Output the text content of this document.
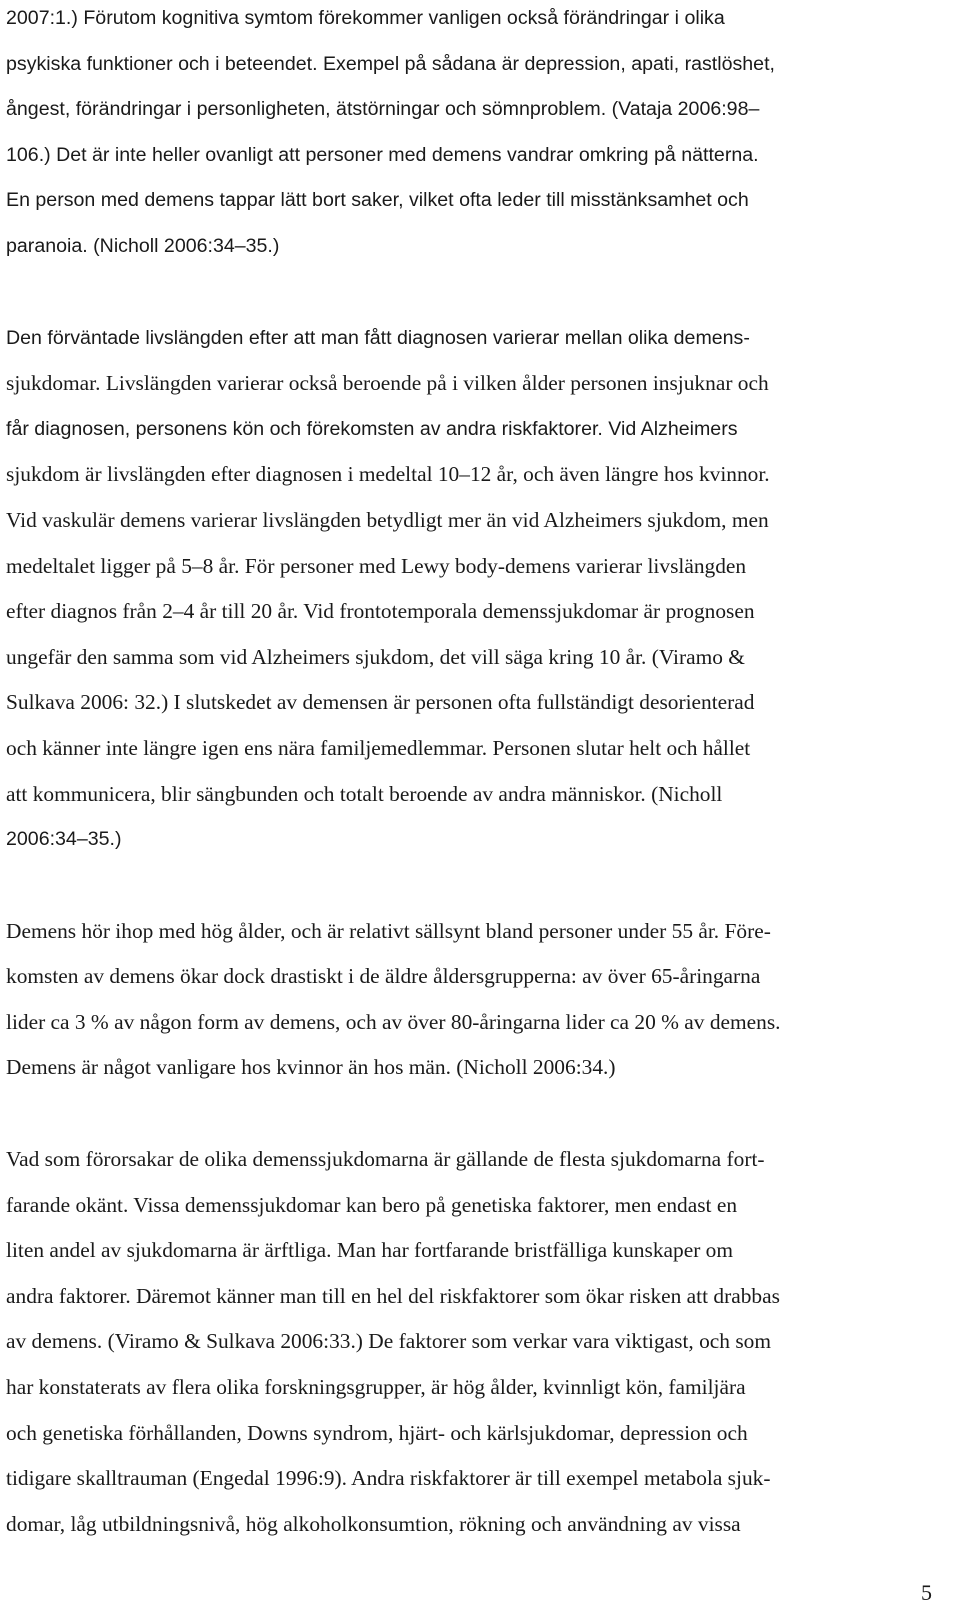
2007:1.) Förutom kognitiva symtom förekommer vanligen också förändringar i olika
psykiska funktioner och i beteendet. Exempel på sådana är depression, apati, rastlöshet,
ångest, förändringar i personligheten, ätstörningar och sömnproblem. (Vataja 2006:98–
106.) Det är inte heller ovanligt att personer med demens vandrar omkring på nätterna.
En person med demens tappar lätt bort saker, vilket ofta leder till misstänksamhet och
paranoia. (Nicholl 2006:34–35.)
Den förväntade livslängden efter att man fått diagnosen varierar mellan olika demens-
sjukdomar. Livslängden varierar också beroende på i vilken ålder personen insjuknar och
får diagnosen, personens kön och förekomsten av andra riskfaktorer. Vid Alzheimers
sjukdom är livslängden efter diagnosen i medeltal 10–12 år, och även längre hos kvinnor.
Vid vaskulär demens varierar livslängden betydligt mer än vid Alzheimers sjukdom, men
medeltalet ligger på 5–8 år. För personer med Lewy body-demens varierar livslängden
efter diagnos från 2–4 år till 20 år. Vid frontotemporala demenssjukdomar är prognosen
ungefär den samma som vid Alzheimers sjukdom, det vill säga kring 10 år. (Viramo &
Sulkava 2006: 32.) I slutskedet av demensen är personen ofta fullständigt desorienterad
och känner inte längre igen ens nära familjemedlemmar. Personen slutar helt och hållet
att kommunicera, blir sängbunden och totalt beroende av andra människor. (Nicholl
2006:34–35.)
Demens hör ihop med hög ålder, och är relativt sällsynt bland personer under 55 år. Före-
komsten av demens ökar dock drastiskt i de äldre åldersgrupperna: av över 65-åringarna
lider ca 3 % av någon form av demens, och av över 80-åringarna lider ca 20 % av demens.
Demens är något vanligare hos kvinnor än hos män. (Nicholl 2006:34.)
Vad som förorsakar de olika demenssjukdomarna är gällande de flesta sjukdomarna fort-
farande okänt. Vissa demenssjukdomar kan bero på genetiska faktorer, men endast en
liten andel av sjukdomarna är ärftliga. Man har fortfarande bristfälliga kunskaper om
andra faktorer. Däremot känner man till en hel del riskfaktorer som ökar risken att drabbas
av demens. (Viramo & Sulkava 2006:33.) De faktorer som verkar vara viktigast, och som
har konstaterats av flera olika forskningsgrupper, är hög ålder, kvinnligt kön, familjära
och genetiska förhållanden, Downs syndrom, hjärt- och kärlsjukdomar, depression och
tidigare skalltrauman (Engedal 1996:9). Andra riskfaktorer är till exempel metabola sjuk-
domar, låg utbildningsnivå, hög alkoholkonsumtion, rökning och användning av vissa
5
